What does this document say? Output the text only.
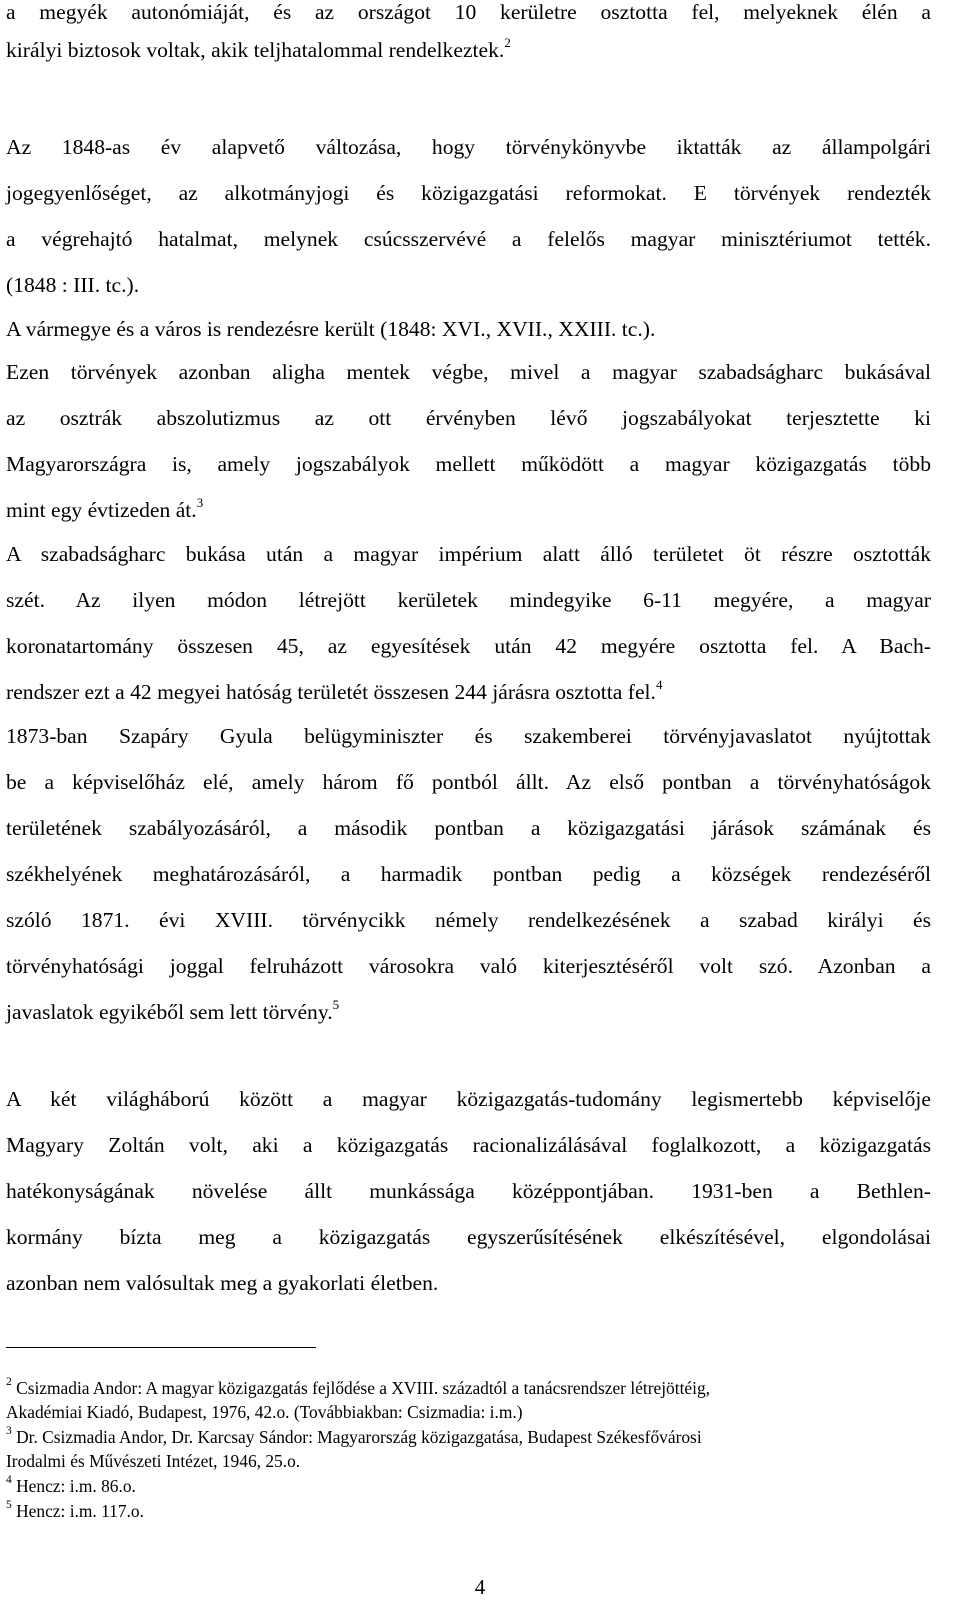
a megyék autonómiáját, és az országot 10 kerületre osztotta fel, melyeknek élén a

királyi biztosok voltak, akik teljhatalommal rendelkeztek.$^2$

Az 1848-as év alapvető változása, hogy törvénykönyvbe iktatták az állampolgári

jogegyenlőséget, az alkotmányjogi és közigazgatási reformokat. E törvények rendezték

a végrehajtó hatalmat, melynek csúcsszervévé a felelős magyar minisztériumot tették.

(1848 : III. tc.).

A vármegye és a város is rendezésre került (1848: XVI., XVII., XXIII. tc.).

Ezen törvények azonban aligha mentek végbe, mivel a magyar szabadságharc bukásával

az osztrák abszolutizmus az ott érvényben lévő jogszabályokat terjesztette ki

Magyarországra is, amely jogszabályok mellett működött a magyar közigazgatás több

mint egy évtizeden át.$^3$

A szabadságharc bukása után a magyar impérium alatt álló területet öt részre osztották

szét. Az ilyen módon létrejött kerületek mindegyike 6-11 megyére, a magyar

koronatartomány összesen 45, az egyesítések után 42 megyére osztotta fel. A Bach-

rendszer ezt a 42 megyei hatóság területét összesen 244 járásra osztotta fel.$^4$

1873-ban Szapáry Gyula belügyminiszter és szakemberei törvényjavaslatot nyújtottak

be a képviselőház elé, amely három fő pontból állt. Az első pontban a törvényhatóságok

területének szabályozásáról, a második pontban a közigazgatási járások számának és

székhelyének meghatározásáról, a harmadik pontban pedig a községek rendezéséről

szóló 1871. évi XVIII. törvénycikk némely rendelkezésének a szabad királyi és

törvényhatósági joggal felruházott városokra való kiterjesztéséről volt szó. Azonban a

javaslatok egyikéből sem lett törvény.$^5$

A két világháború között a magyar közigazgatás-tudomány legismertebb képviselője

Magyary Zoltán volt, aki a közigazgatás racionalizálásával foglalkozott, a közigazgatás

hatékonyságának növelése állt munkássága középpontjában. 1931-ben a Bethlen-

kormány bízta meg a közigazgatás egyszerűsítésének elkészítésével, elgondolásai

azonban nem valósultak meg a gyakorlati életben.

$^2$ Csizmadia Andor: A magyar közigazgatás fejlődése a XVIII. századtól a tanácsrendszer létrejöttéig,

Akadémiai Kiadó, Budapest, 1976, 42.o. (Továbbiakban: Csizmadia: i.m.)

$^3$ Dr. Csizmadia Andor, Dr. Karcsay Sándor: Magyarország közigazgatása, Budapest Székesfővárosi

Irodalmi és Művészeti Intézet, 1946, 25.o.

$^4$ Hencz: i.m. 86.o.

$^5$ Hencz: i.m. 117.o.

4
